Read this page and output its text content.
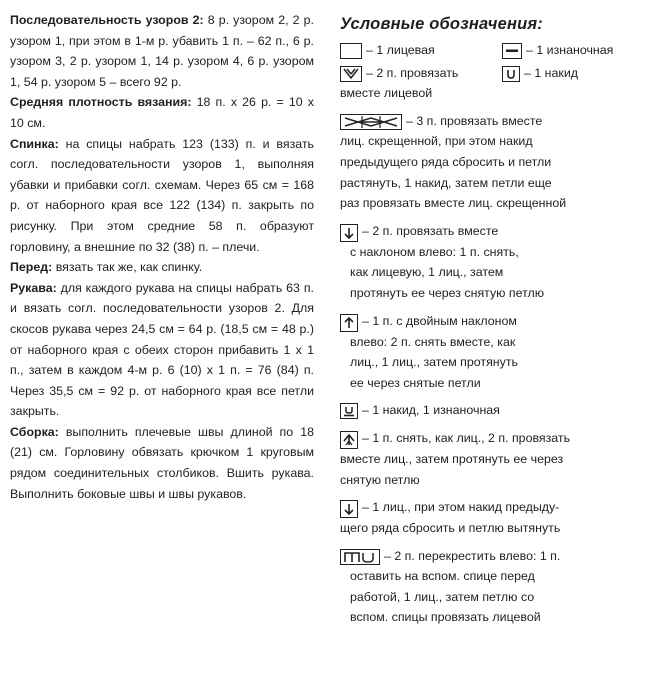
Последовательность узоров 2: 8 р. узором 2, 2 р. узором 1, при этом в 1-м р. убавить 1 п. – 62 п., 6 р. узором 3, 2 р. узором 1, 14 р. узором 4, 6 р. узором 1, 54 р. узором 5 – всего 92 р.

Средняя плотность вязания: 18 п. х 26 р. = 10 х 10 см.

Спинка: на спицы набрать 123 (133) п. и вязать согл. последовательности узоров 1, выполняя убавки и прибавки согл. схемам. Через 65 см = 168 р. от наборного края все 122 (134) п. закрыть по рисунку. При этом средние 58 п. образуют горловину, а внешние по 32 (38) п. – плечи.

Перед: вязать так же, как спинку.

Рукава: для каждого рукава на спицы набрать 63 п. и вязать согл. последовательности узоров 2. Для скосов рукава через 24,5 см = 64 р. (18,5 см = 48 р.) от наборного края с обеих сторон прибавить 1 х 1 п., затем в каждом 4-м р. 6 (10) х 1 п. = 76 (84) п. Через 35,5 см = 92 р. от наборного края все петли закрыть.

Сборка: выполнить плечевые швы длиной по 18 (21) см. Горловину обвязать крючком 1 круговым рядом соединительных столбиков. Вшить рукава. Выполнить боковые швы и швы рукавов.

Условные обозначения:
– 1 лицевая	– 1 изнаночная
– 2 п. провязать	– 1 накид
вместе лицевой
– 3 п. провязать вместе
лиц. скрещенной, при этом накид
предыдущего ряда сбросить и петли
растянуть, 1 накид, затем петли еще
раз провязать вместе лиц. скрещенной
– 2 п. провязать вместе
с наклоном влево: 1 п. снять,
как лицевую, 1 лиц., затем
протянуть ее через снятую петлю
– 1 п. с двойным наклоном
влево: 2 п. снять вместе, как
лиц., 1 лиц., затем протянуть
ее через снятые петли
– 1 накид, 1 изнаночная
– 1 п. снять, как лиц., 2 п. провязать
вместе лиц., затем протянуть ее через
снятую петлю
– 1 лиц., при этом накид предыду-
щего ряда сбросить и петлю вытянуть
– 2 п. перекрестить влево: 1 п.
оставить на вспом. спице перед
работой, 1 лиц., затем петлю со
вспом. спицы провязать лицевой
